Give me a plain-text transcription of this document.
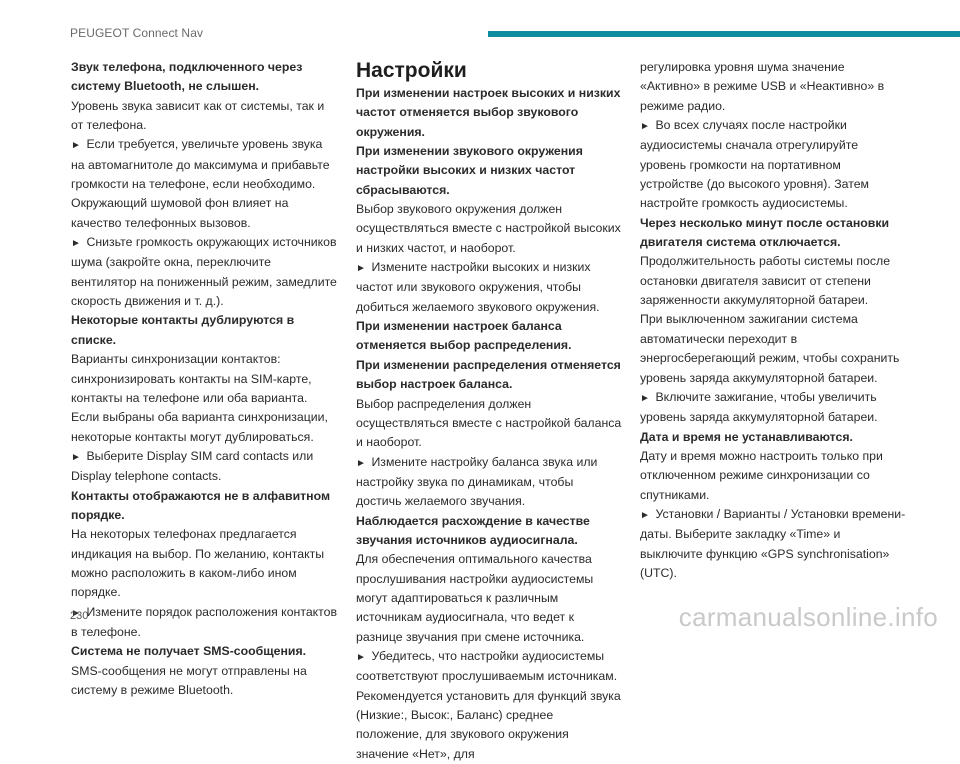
PEUGEOT Connect Nav

Звук телефона, подключенного через систему Bluetooth, не слышен.

Уровень звука зависит как от системы, так и от телефона.

►  Если требуется, увеличьте уровень звука на автомагнитоле до максимума и прибавьте громкости на телефоне, если необходимо.

Окружающий шумовой фон влияет на качество телефонных вызовов.

►  Снизьте громкость окружающих источников шума (закройте окна, переключите вентилятор на пониженный режим, замедлите скорость движения и т. д.).

Некоторые контакты дублируются в списке.

Варианты синхронизации контактов: синхронизировать контакты на SIM-карте, контакты на телефоне или оба варианта. Если выбраны оба варианта синхронизации, некоторые контакты могут дублироваться.

►  Выберите Display SIM card contacts или Display telephone contacts.

Контакты отображаются не в алфавитном порядке.

На некоторых телефонах предлагается индикация на выбор. По желанию, контакты можно расположить в каком-либо ином порядке.

►  Измените порядок расположения контактов в телефоне.

Система не получает SMS-сообщения.

SMS-сообщения не могут отправлены на систему в режиме Bluetooth.

Настройки

При изменении настроек высоких и низких частот отменяется выбор звукового окружения.

При изменении звукового окружения настройки высоких и низких частот сбрасываются.

Выбор звукового окружения должен осуществляться вместе с настройкой высоких и низких частот, и наоборот.

►  Измените настройки высоких и низких частот или звукового окружения, чтобы добиться желаемого звукового окружения.

При изменении настроек баланса отменяется выбор распределения.

При изменении распределения отменяется выбор настроек баланса.

Выбор распределения должен осуществляться вместе с настройкой баланса и наоборот.

►  Измените настройку баланса звука или настройку звука по динамикам, чтобы достичь желаемого звучания.

Наблюдается расхождение в качестве звучания источников аудиосигнала.

Для обеспечения оптимального качества прослушивания настройки аудиосистемы могут адаптироваться к различным источникам аудиосигнала, что ведет к разнице звучания при смене источника.

►  Убедитесь, что настройки аудиосистемы соответствуют прослушиваемым источникам. Рекомендуется установить для функций звука (Низкие:, Высок:, Баланс) среднее положение, для звукового окружения значение «Нет», для

регулировка уровня шума значение «Активно» в режиме USB и «Неактивно» в режиме радио.

►  Во всех случаях после настройки аудиосистемы сначала отрегулируйте уровень громкости на портативном устройстве (до высокого уровня). Затем настройте громкость аудиосистемы.

Через несколько минут после остановки двигателя система отключается.

Продолжительность работы системы после остановки двигателя зависит от степени заряженности аккумуляторной батареи.

При выключенном зажигании система автоматически переходит в энергосберегающий режим, чтобы сохранить уровень заряда аккумуляторной батареи.

►  Включите зажигание, чтобы увеличить уровень заряда аккумуляторной батареи.

Дата и время не устанавливаются.

Дату и время можно настроить только при отключенном режиме синхронизации со спутниками.

►  Установки / Варианты / Установки времени-даты. Выберите закладку «Time» и выключите функцию «GPS synchronisation» (UTC).

230	carmanualsonline.info
